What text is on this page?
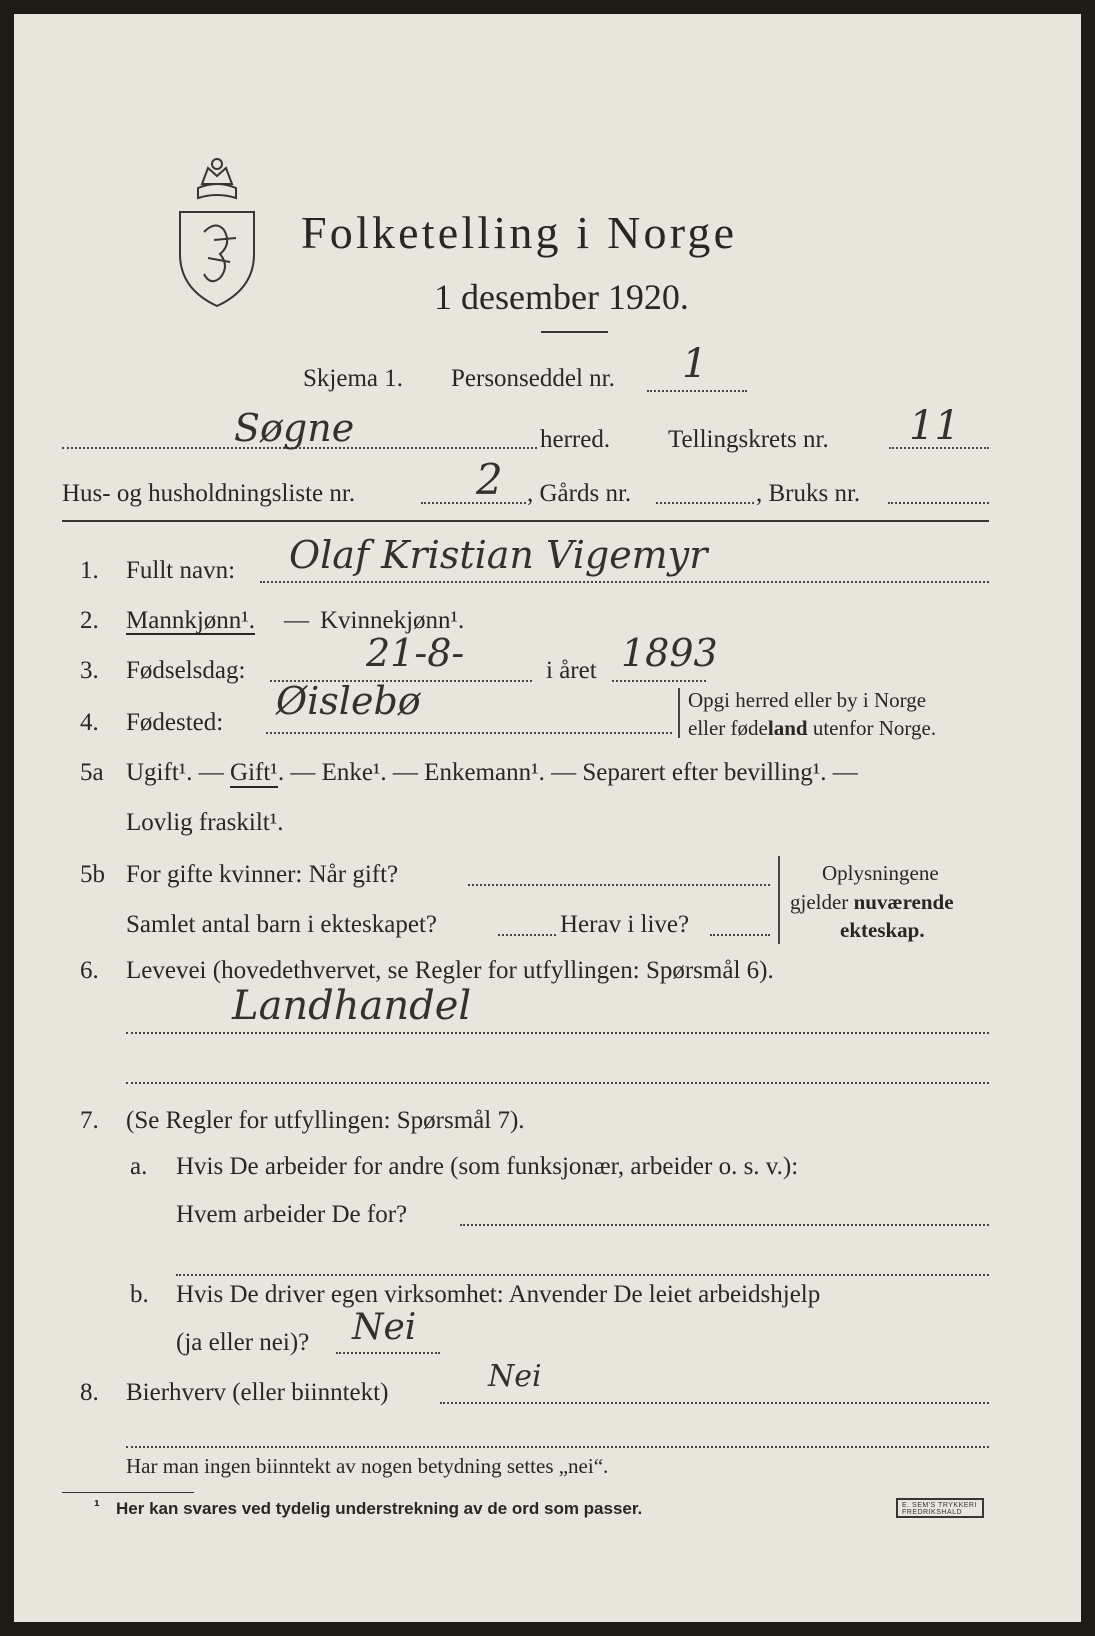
Folketelling i Norge
1 desember 1920.
Skjema 1. Personseddel nr. 1
Søgne	herred. Tellingskrets nr. 11
Hus- og husholdningsliste nr.	2 , Gårds nr.	, Bruks nr.
1. Fullt navn: Olaf Kristian Vigemyr
2. Mannkjønn¹. — Kvinnekjønn¹.
3. Fødselsdag:	21-8-	i året 1893
4. Fødested: Øislebø	Opgi herred eller by i Norge
eller fødeland utenfor Norge.
5a Ugift¹. — Gift¹. — Enke¹. — Enkemann¹. — Separert efter bevilling¹. —
Lovlig fraskilt¹.
5b For gifte kvinner: Når gift?
Samlet antal barn i ekteskapet?	Herav i live?
Oplysningene
gjelder nuværende
ekteskap.
6. Levevei (hovedethvervet, se Regler for utfyllingen: Spørsmål 6).
Landhandel
7. (Se Regler for utfyllingen: Spørsmål 7).
a. Hvis De arbeider for andre (som funksjonær, arbeider o. s. v.):
Hvem arbeider De for?
b. Hvis De driver egen virksomhet: Anvender De leiet arbeidshjelp
(ja eller nei)? Nei
8. Bierhverv (eller biinntekt)	Nei
Har man ingen biinntekt av nogen betydning settes „nei“.
¹ Her kan svares ved tydelig understrekning av de ord som passer.	E. SEM'S TRYKKERI FREDRIKSHALD
